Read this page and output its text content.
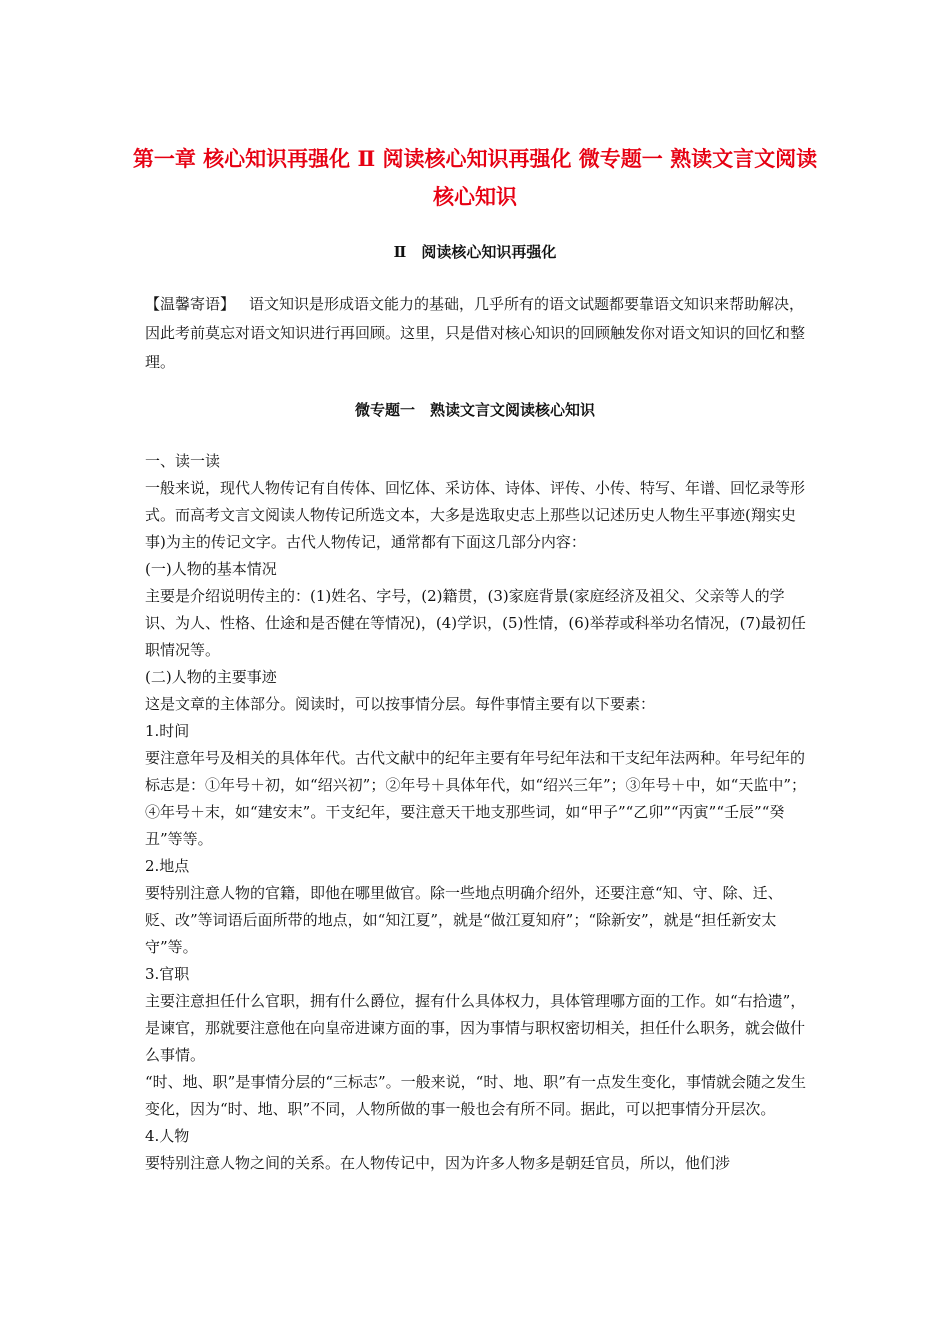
第一章 核心知识再强化 Ⅱ 阅读核心知识再强化 微专题一 熟读文言文阅读核心知识
Ⅱ　阅读核心知识再强化

【温馨寄语】 语文知识是形成语文能力的基础，几乎所有的语文试题都要靠语文知识来帮助解决，因此考前莫忘对语文知识进行再回顾。这里，只是借对核心知识的回顾触发你对语文知识的回忆和整理。

微专题一　熟读文言文阅读核心知识

一、读一读

一般来说，现代人物传记有自传体、回忆体、采访体、诗体、评传、小传、特写、年谱、回忆录等形式。而高考文言文阅读人物传记所选文本，大多是选取史志上那些以记述历史人物生平事迹(翔实史事)为主的传记文字。古代人物传记，通常都有下面这几部分内容：

(一)人物的基本情况

主要是介绍说明传主的：(1)姓名、字号，(2)籍贯，(3)家庭背景(家庭经济及祖父、父亲等人的学识、为人、性格、仕途和是否健在等情况)，(4)学识，(5)性情，(6)举荐或科举功名情况，(7)最初任职情况等。

(二)人物的主要事迹

这是文章的主体部分。阅读时，可以按事情分层。每件事情主要有以下要素：

1.时间

要注意年号及相关的具体年代。古代文献中的纪年主要有年号纪年法和干支纪年法两种。年号纪年的标志是：①年号＋初，如“绍兴初”；②年号＋具体年代，如“绍兴三年”；③年号＋中，如“天监中”；④年号＋末，如“建安末”。干支纪年，要注意天干地支那些词，如“甲子”“乙卯”“丙寅”“壬辰”“癸丑”等等。

2.地点

要特别注意人物的官籍，即他在哪里做官。除一些地点明确介绍外，还要注意“知、守、除、迁、贬、改”等词语后面所带的地点，如“知江夏”，就是“做江夏知府”；“除新安”，就是“担任新安太守”等。

3.官职

主要注意担任什么官职，拥有什么爵位，握有什么具体权力，具体管理哪方面的工作。如“右拾遗”，是谏官，那就要注意他在向皇帝进谏方面的事，因为事情与职权密切相关，担任什么职务，就会做什么事情。

“时、地、职”是事情分层的“三标志”。一般来说，“时、地、职”有一点发生变化，事情就会随之发生变化，因为“时、地、职”不同，人物所做的事一般也会有所不同。据此，可以把事情分开层次。

4.人物

要特别注意人物之间的关系。在人物传记中，因为许多人物多是朝廷官员，所以，他们涉
